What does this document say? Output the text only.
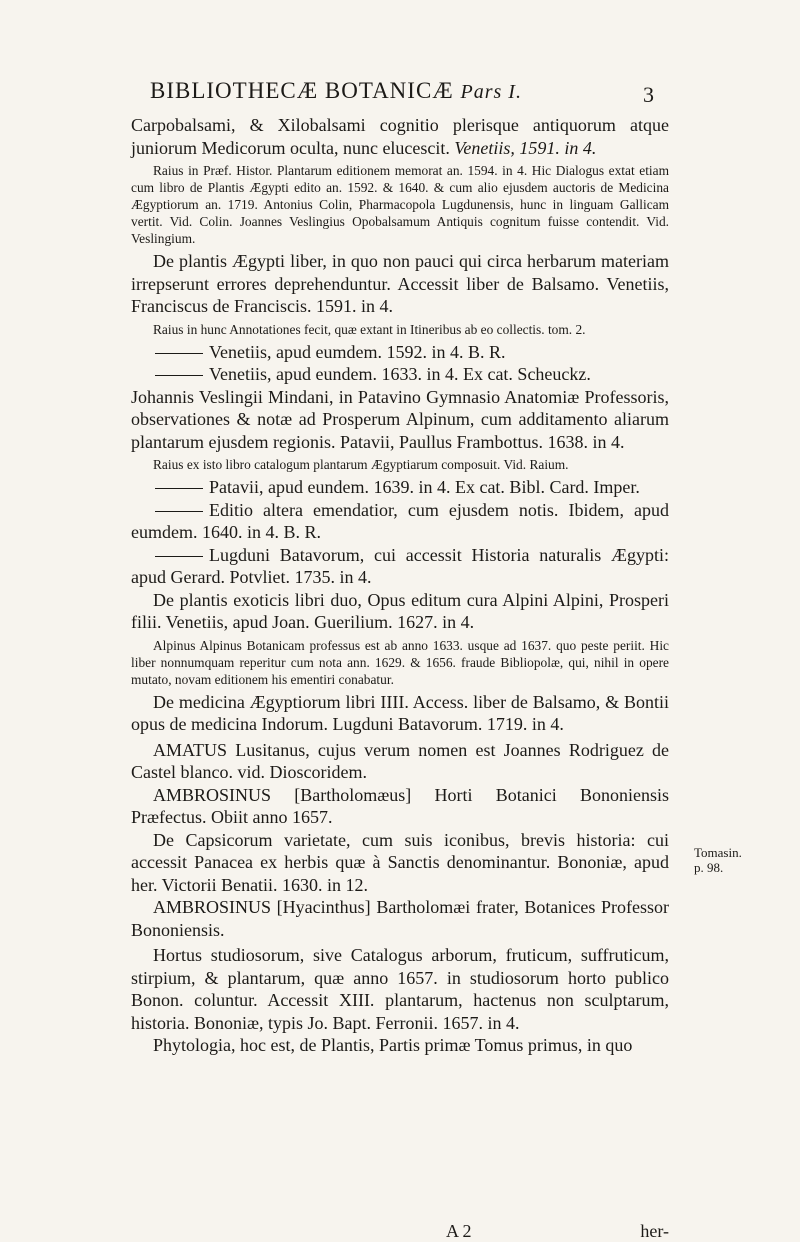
BIBLIOTHECÆ BOTANICÆ Pars I.	3

Carpobalsami, & Xilobalsami cognitio plerisque antiquorum atque juniorum Medicorum oculta, nunc elucescit. Venetiis, 1591. in 4.

Raius in Præf. Histor. Plantarum editionem memorat an. 1594. in 4. Hic Dialogus extat etiam cum libro de Plantis Ægypti edito an. 1592. & 1640. & cum alio ejusdem auctoris de Medicina Ægyptiorum an. 1719. Antonius Colin, Pharmacopola Lugdunensis, hunc in linguam Gallicam vertit. Vid. Colin. Joannes Veslingius Opobalsamum Antiquis cognitum fuisse contendit. Vid. Veslingium.

De plantis Ægypti liber, in quo non pauci qui circa herbarum materiam irrepserunt errores deprehenduntur. Accessit liber de Balsamo. Venetiis, Franciscus de Franciscis. 1591. in 4.

Raius in hunc Annotationes fecit, quæ extant in Itineribus ab eo collectis. tom. 2.

Venetiis, apud eumdem. 1592. in 4. B. R.

Venetiis, apud eundem. 1633. in 4. Ex cat. Scheuckz.

Johannis Veslingii Mindani, in Patavino Gymnasio Anatomiæ Professoris, observationes & notæ ad Prosperum Alpinum, cum additamento aliarum plantarum ejusdem regionis. Patavii, Paullus Frambottus. 1638. in 4.

Raius ex isto libro catalogum plantarum Ægyptiarum composuit. Vid. Raium.

Patavii, apud eundem. 1639. in 4. Ex cat. Bibl. Card. Imper.

Editio altera emendatior, cum ejusdem notis. Ibidem, apud eumdem. 1640. in 4. B. R.

Lugduni Batavorum, cui accessit Historia naturalis Ægypti: apud Gerard. Potvliet. 1735. in 4.

De plantis exoticis libri duo, Opus editum cura Alpini Alpini, Prosperi filii. Venetiis, apud Joan. Guerilium. 1627. in 4.

Alpinus Alpinus Botanicam professus est ab anno 1633. usque ad 1637. quo peste periit. Hic liber nonnumquam reperitur cum nota ann. 1629. & 1656. fraude Bibliopolæ, qui, nihil in opere mutato, novam editionem his ementiri conabatur.

De medicina Ægyptiorum libri IIII. Access. liber de Balsamo, & Bontii opus de medicina Indorum. Lugduni Batavorum. 1719. in 4.

AMATUS Lusitanus, cujus verum nomen est Joannes Rodriguez de Castel blanco. vid. Dioscoridem.

AMBROSINUS [Bartholomæus] Horti Botanici Bononiensis Præfectus. Obiit anno 1657.

De Capsicorum varietate, cum suis iconibus, brevis historia: cui accessit Panacea ex herbis quæ à Sanctis denominantur. Bononiæ, apud her. Victorii Benatii. 1630. in 12.

AMBROSINUS [Hyacinthus] Bartholomæi frater, Botanices Professor Bononiensis.

Hortus studiosorum, sive Catalogus arborum, fruticum, suffruticum, stirpium, & plantarum, quæ anno 1657. in studiosorum horto publico Bonon. coluntur. Accessit XIII. plantarum, hactenus non sculptarum, historia. Bononiæ, typis Jo. Bapt. Ferronii. 1657. in 4.

Phytologia, hoc est, de Plantis, Partis primæ Tomus primus, in quo

A 2	her-
Tomasin.
p. 98.
